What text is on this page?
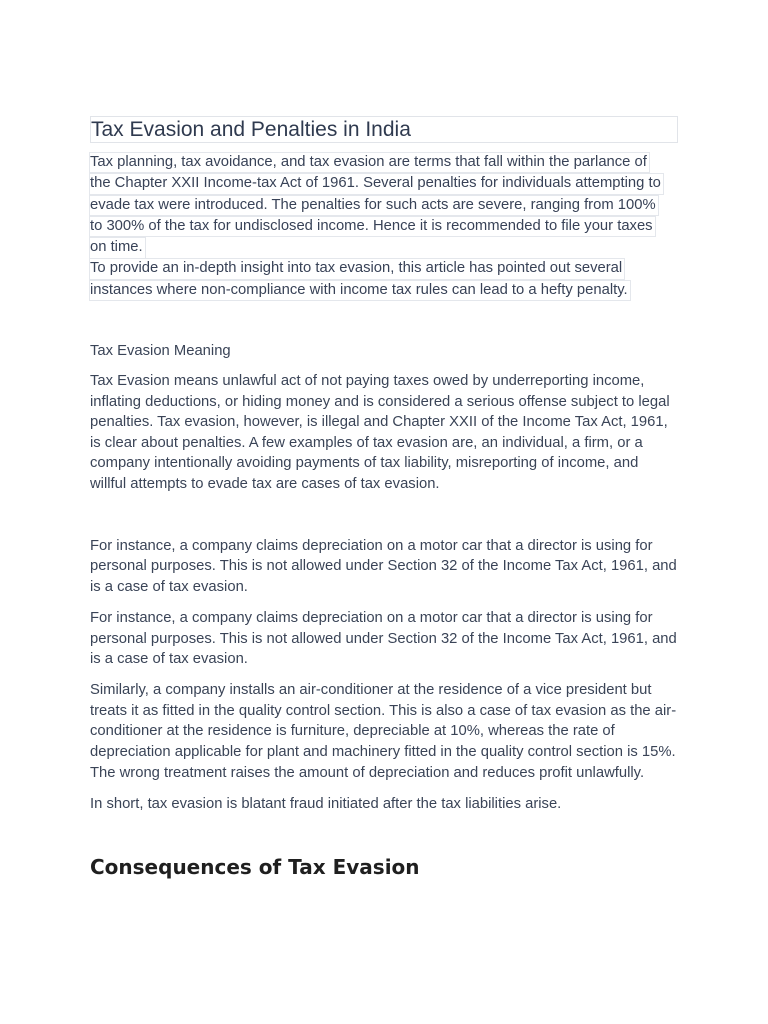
Tax Evasion and Penalties in India
Tax planning, tax avoidance, and tax evasion are terms that fall within the parlance of
the Chapter XXII Income-tax Act of 1961. Several penalties for individuals attempting to
evade tax were introduced. The penalties for such acts are severe, ranging from 100%
to 300% of the tax for undisclosed income. Hence it is recommended to file your taxes
on time.
To provide an in-depth insight into tax evasion, this article has pointed out several
instances where non-compliance with income tax rules can lead to a hefty penalty.
Tax Evasion Meaning

Tax Evasion means unlawful act of not paying taxes owed by underreporting income, inflating deductions, or hiding money and is considered a serious offense subject to legal penalties. Tax evasion, however, is illegal and Chapter XXII of the Income Tax Act, 1961, is clear about penalties. A few examples of tax evasion are, an individual, a firm, or a company intentionally avoiding payments of tax liability, misreporting of income, and willful attempts to evade tax are cases of tax evasion.

For instance, a company claims depreciation on a motor car that a director is using for personal purposes. This is not allowed under Section 32 of the Income Tax Act, 1961, and is a case of tax evasion.

For instance, a company claims depreciation on a motor car that a director is using for personal purposes. This is not allowed under Section 32 of the Income Tax Act, 1961, and is a case of tax evasion.

Similarly, a company installs an air-conditioner at the residence of a vice president but treats it as fitted in the quality control section. This is also a case of tax evasion as the air-conditioner at the residence is furniture, depreciable at 10%, whereas the rate of depreciation applicable for plant and machinery fitted in the quality control section is 15%. The wrong treatment raises the amount of depreciation and reduces profit unlawfully.

In short, tax evasion is blatant fraud initiated after the tax liabilities arise.

Consequences of Tax Evasion
